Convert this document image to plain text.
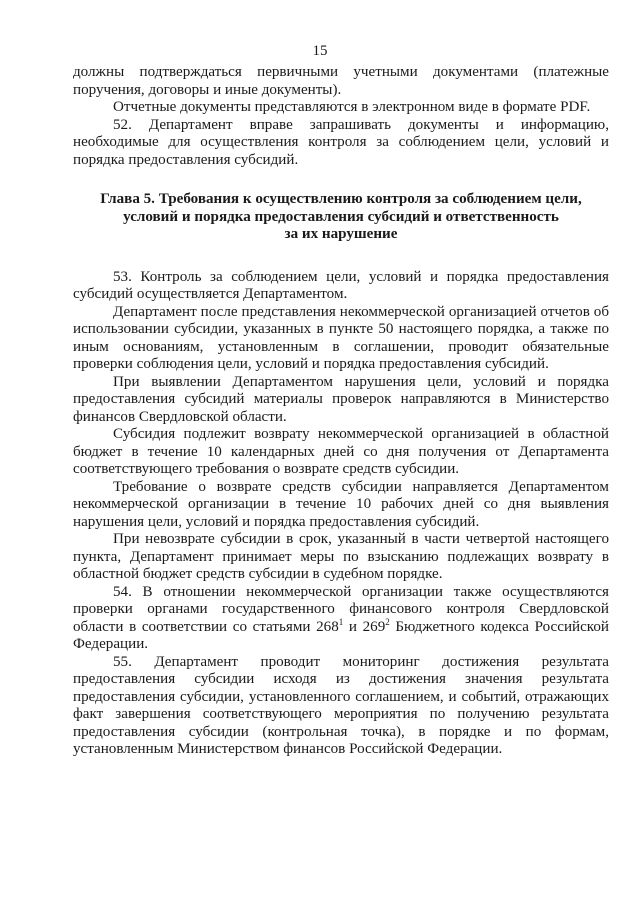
15

должны подтверждаться первичными учетными документами (платежные поручения, договоры и иные документы).

Отчетные документы представляются в электронном виде в формате PDF.

52. Департамент вправе запрашивать документы и информацию, необходимые для осуществления контроля за соблюдением цели, условий и порядка предоставления субсидий.

Глава 5. Требования к осуществлению контроля за соблюдением цели,
условий и порядка предоставления субсидий и ответственность
за их нарушение

53. Контроль за соблюдением цели, условий и порядка предоставления субсидий осуществляется Департаментом.

Департамент после представления некоммерческой организацией отчетов об использовании субсидии, указанных в пункте 50 настоящего порядка, а также по иным основаниям, установленным в соглашении, проводит обязательные проверки соблюдения цели, условий и порядка предоставления субсидий.

При выявлении Департаментом нарушения цели, условий и порядка предоставления субсидий материалы проверок направляются в Министерство финансов Свердловской области.

Субсидия подлежит возврату некоммерческой организацией в областной бюджет в течение 10 календарных дней со дня получения от Департамента соответствующего требования о возврате средств субсидии.

Требование о возврате средств субсидии направляется Департаментом некоммерческой организации в течение 10 рабочих дней со дня выявления нарушения цели, условий и порядка предоставления субсидий.

При невозврате субсидии в срок, указанный в части четвертой настоящего пункта, Департамент принимает меры по взысканию подлежащих возврату в областной бюджет средств субсидии в судебном порядке.

54. В отношении некоммерческой организации также осуществляются проверки органами государственного финансового контроля Свердловской области в соответствии со статьями $268^1$ и $269^2$ Бюджетного кодекса Российской Федерации.

55. Департамент проводит мониторинг достижения результата предоставления субсидии исходя из достижения значения результата предоставления субсидии, установленного соглашением, и событий, отражающих факт завершения соответствующего мероприятия по получению результата предоставления субсидии (контрольная точка), в порядке и по формам, установленным Министерством финансов Российской Федерации.
